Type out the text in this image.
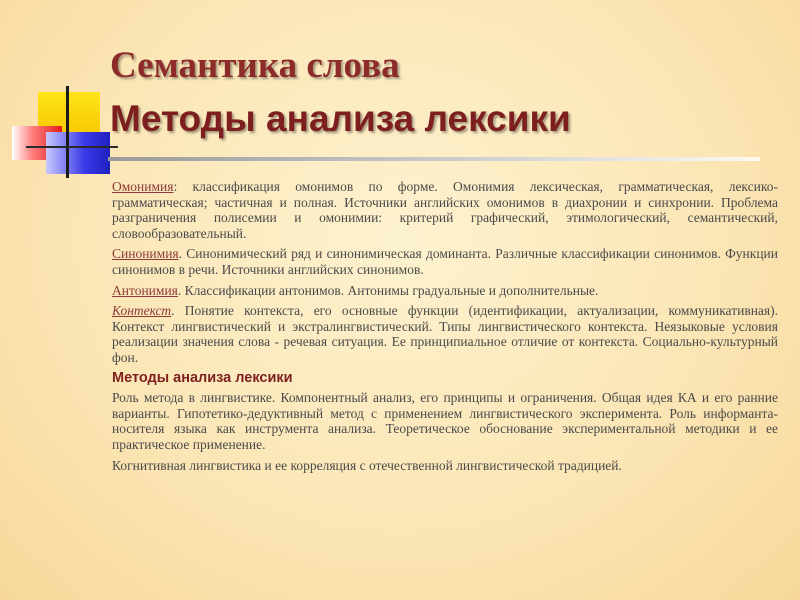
Семантика слова
Методы анализа лексики

Омонимия: классификация омонимов по форме. Омонимия лексическая, грамматическая, лексико-грамматическая; частичная и полная. Источники английских омонимов в диахронии и синхронии. Проблема разграничения полисемии и омонимии: критерий графический, этимологический, семантический, словообразовательный.

Синонимия. Синонимический ряд и синонимическая доминанта. Различные классификации синонимов. Функции синонимов в речи. Источники английских синонимов.

Антонимия. Классификации антонимов. Антонимы градуальные и дополнительные.

Контекст. Понятие контекста, его основные функции (идентификации, актуализации, коммуникативная). Контекст лингвистический и экстралингвистический. Типы лингвистического контекста. Неязыковые условия реализации значения слова - речевая ситуация. Ее принципиальное отличие от контекста. Социально-культурный фон.

Методы анализа лексики

Роль метода в лингвистике. Компонентный анализ, его принципы и ограничения. Общая идея КА и его ранние варианты. Гипотетико-дедуктивный метод с применением лингвистического эксперимента. Роль информанта-носителя языка как инструмента анализа. Теоретическое обоснование экспериментальной методики и ее практическое применение.

Когнитивная лингвистика и ее корреляция с отечественной лингвистической традицией.
